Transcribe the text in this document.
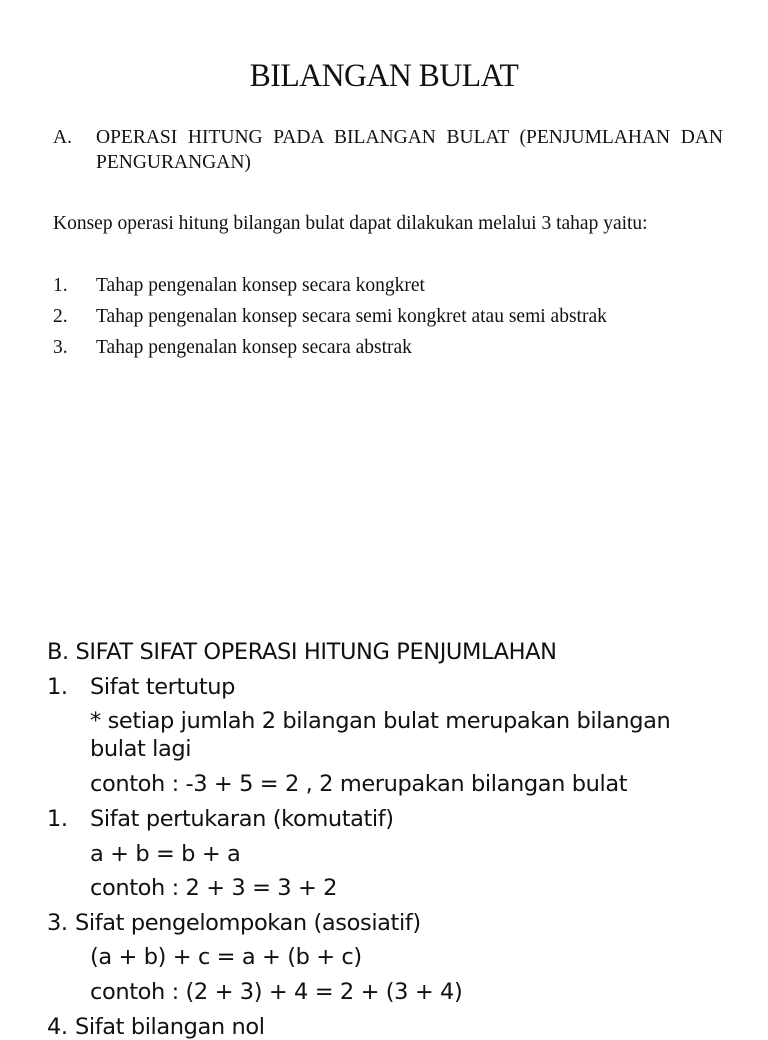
BILANGAN BULAT
A. OPERASI HITUNG PADA BILANGAN BULAT (PENJUMLAHAN DAN PENGURANGAN)
Konsep operasi hitung bilangan bulat dapat dilakukan melalui 3 tahap yaitu:
1. Tahap pengenalan konsep secara kongkret
2. Tahap pengenalan konsep secara semi kongkret atau semi abstrak
3. Tahap pengenalan konsep secara abstrak
B. SIFAT SIFAT OPERASI HITUNG PENJUMLAHAN
1. Sifat tertutup
* setiap jumlah 2 bilangan bulat merupakan bilangan
bulat lagi
contoh : -3 + 5 = 2 , 2 merupakan bilangan bulat
1. Sifat pertukaran (komutatif)
a + b = b + a
contoh : 2 + 3 = 3 + 2
3. Sifat pengelompokan (asosiatif)
(a + b) + c = a + (b + c)
contoh : (2 + 3) + 4 = 2 + (3 + 4)
4. Sifat bilangan nol
